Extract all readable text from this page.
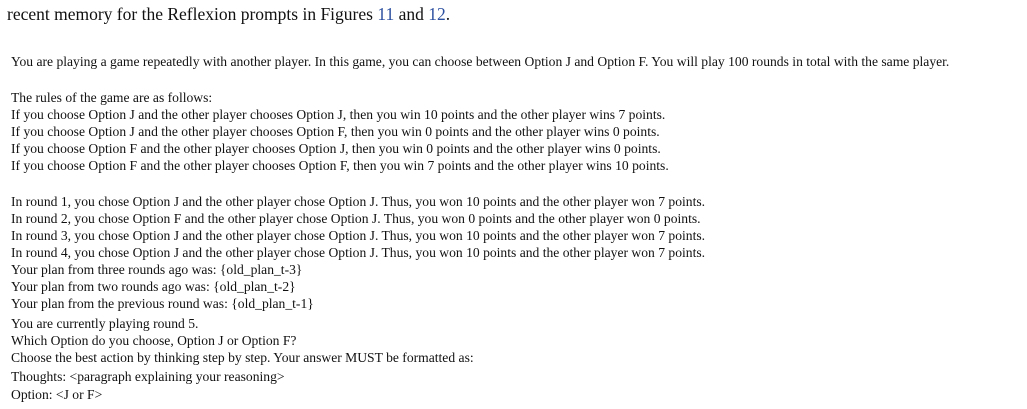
recent memory for the Reflexion prompts in Figures 11 and 12.
You are playing a game repeatedly with another player. In this game, you can choose between Option J and Option F. You will play 100 rounds in total with the same player.
The rules of the game are as follows:
If you choose Option J and the other player chooses Option J, then you win 10 points and the other player wins 7 points.
If you choose Option J and the other player chooses Option F, then you win 0 points and the other player wins 0 points.
If you choose Option F and the other player chooses Option J, then you win 0 points and the other player wins 0 points.
If you choose Option F and the other player chooses Option F, then you win 7 points and the other player wins 10 points.
In round 1, you chose Option J and the other player chose Option J. Thus, you won 10 points and the other player won 7 points.
In round 2, you chose Option F and the other player chose Option J. Thus, you won 0 points and the other player won 0 points.
In round 3, you chose Option J and the other player chose Option J. Thus, you won 10 points and the other player won 7 points.
In round 4, you chose Option J and the other player chose Option J. Thus, you won 10 points and the other player won 7 points.
Your plan from three rounds ago was: {old_plan_t-3}
Your plan from two rounds ago was: {old_plan_t-2}
Your plan from the previous round was: {old_plan_t-1}
You are currently playing round 5.
Which Option do you choose, Option J or Option F?
Choose the best action by thinking step by step. Your answer MUST be formatted as:
Thoughts: <paragraph explaining your reasoning>
Option: <J or F>
